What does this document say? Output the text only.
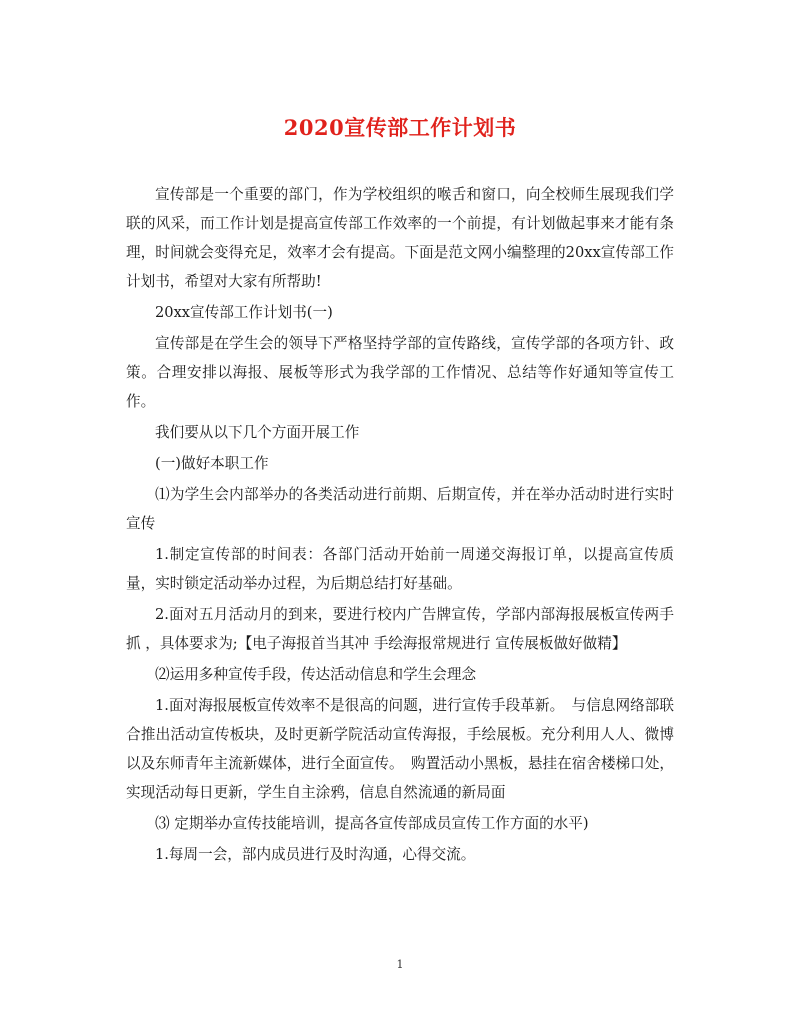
2020宣传部工作计划书

宣传部是一个重要的部门，作为学校组织的喉舌和窗口，向全校师生展现我们学联的风采，而工作计划是提高宣传部工作效率的一个前提，有计划做起事来才能有条理，时间就会变得充足，效率才会有提高。下面是范文网小编整理的20xx宣传部工作计划书，希望对大家有所帮助!

20xx宣传部工作计划书(一)

宣传部是在学生会的领导下严格坚持学部的宣传路线，宣传学部的各项方针、政策。合理安排以海报、展板等形式为我学部的工作情况、总结等作好通知等宣传工作。

我们要从以下几个方面开展工作

(一)做好本职工作

⑴为学生会内部举办的各类活动进行前期、后期宣传，并在举办活动时进行实时宣传

1.制定宣传部的时间表：各部门活动开始前一周递交海报订单，以提高宣传质量，实时锁定活动举办过程，为后期总结打好基础。

2.面对五月活动月的到来，要进行校内广告牌宣传，学部内部海报展板宣传两手抓 ，具体要求为;【电子海报首当其冲 手绘海报常规进行 宣传展板做好做精】

⑵运用多种宣传手段，传达活动信息和学生会理念

1.面对海报展板宣传效率不是很高的问题，进行宣传手段革新。　与信息网络部联合推出活动宣传板块，及时更新学院活动宣传海报，手绘展板。充分利用人人、微博以及东师青年主流新媒体，进行全面宣传。　购置活动小黑板，悬挂在宿舍楼梯口处，实现活动每日更新，学生自主涂鸦，信息自然流通的新局面

⑶ 定期举办宣传技能培训，提高各宣传部成员宣传工作方面的水平)

1.每周一会，部内成员进行及时沟通，心得交流。

1
